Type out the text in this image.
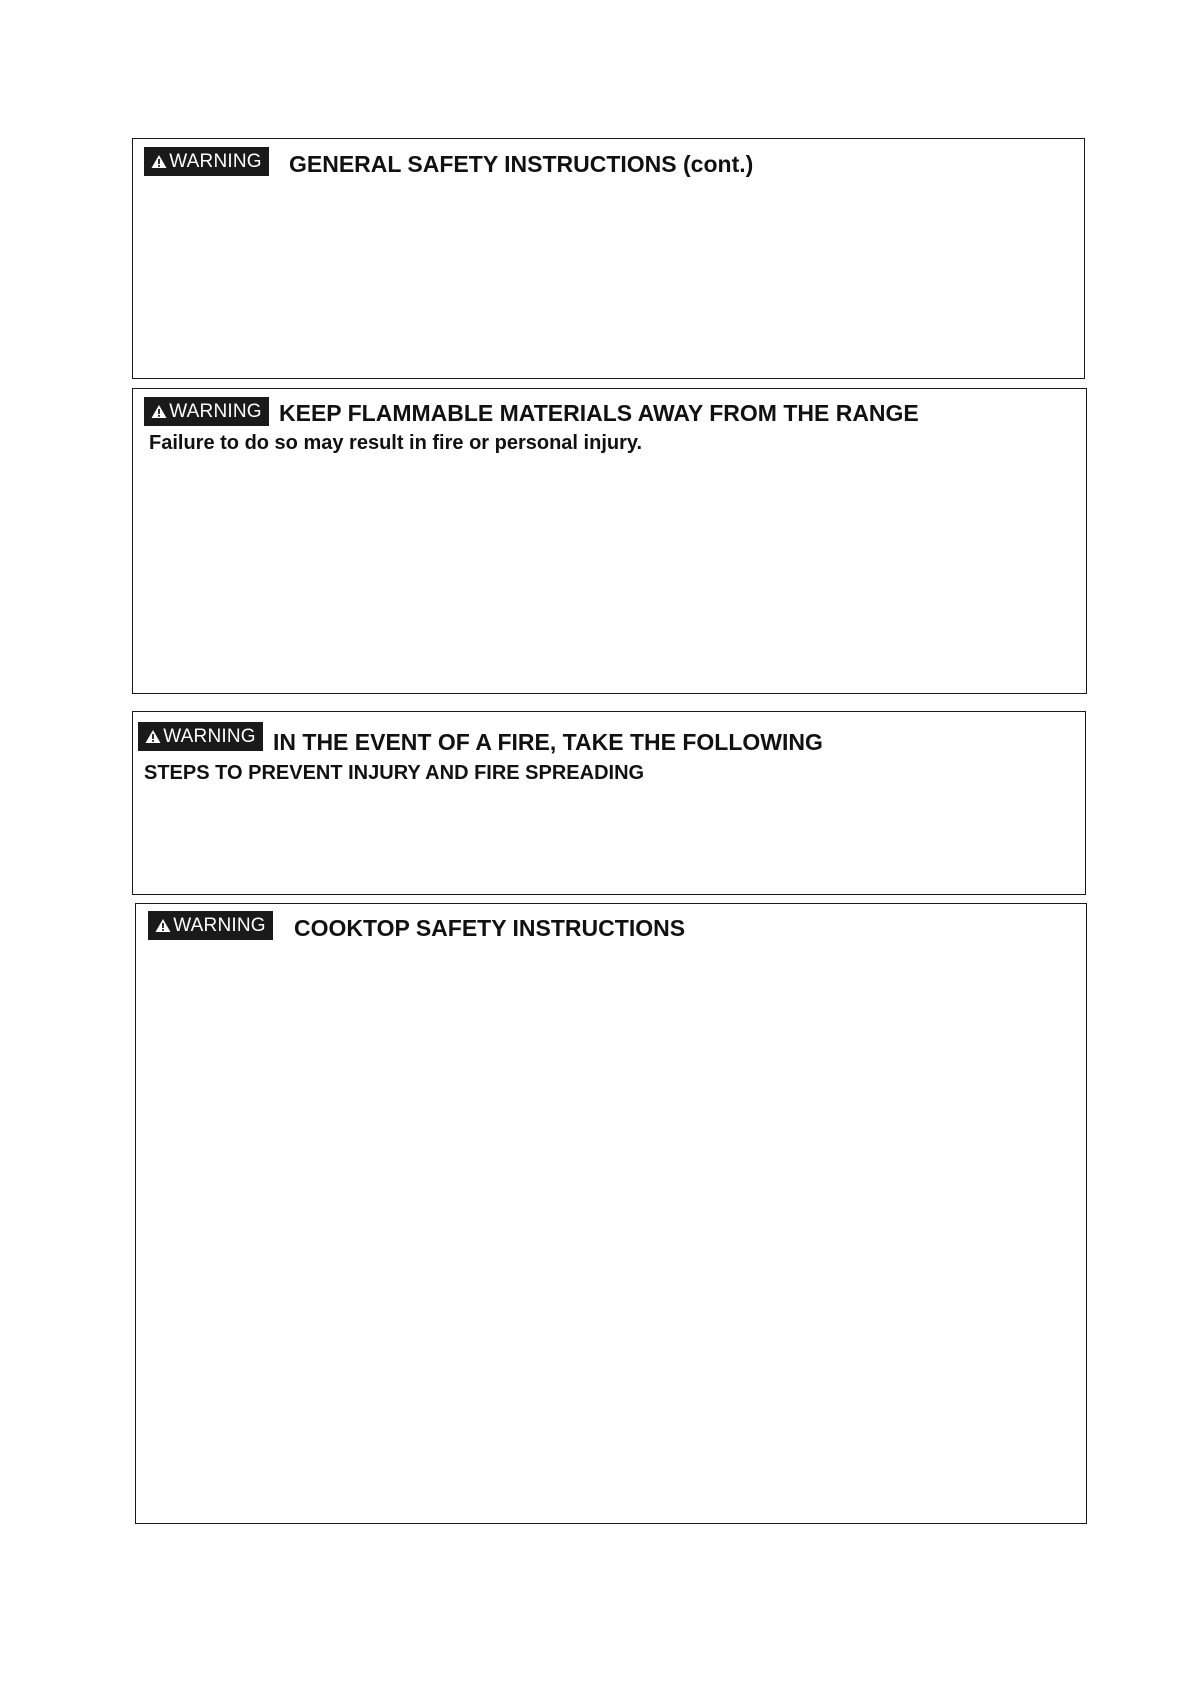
WARNING GENERAL SAFETY INSTRUCTIONS (cont.)
WARNING KEEP FLAMMABLE MATERIALS AWAY FROM THE RANGE
Failure to do so may result in fire or personal injury.
WARNING IN THE EVENT OF A FIRE, TAKE THE FOLLOWING
STEPS TO PREVENT INJURY AND FIRE SPREADING
WARNING COOKTOP SAFETY INSTRUCTIONS
